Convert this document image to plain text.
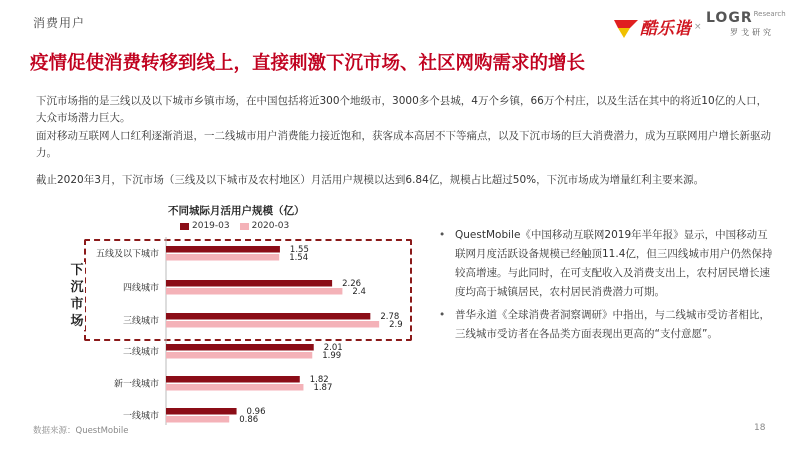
消费用户	酷乐谐 ×
$LOGR^{Research}$
罗戈研究
疫情促使消费转移到线上，直接刺激下沉市场、社区网购需求的增长
下沉市场指的是三线以及以下城市乡镇市场，在中国包括将近300个地级市，3000多个县城，4万个乡镇，66万个村庄，以及生活在其中的将近10亿的人口，大众市场潜力巨大。
面对移动互联网人口红利逐渐消退，一二线城市用户消费能力接近饱和，获客成本高居不下等痛点，以及下沉市场的巨大消费潜力，成为互联网用户增长新驱动力。
截止2020年3月，下沉市场（三线及以下城市及农村地区）月活用户规模以达到6.84亿，规模占比超过50%，下沉市场成为增量红利主要来源。
不同城际月活用户规模（亿）
2019-03 2020-03
下沉市场
五线及以下城市	1.55
1.54
四线城市	2.26
2.4
三线城市	2.78
2.9
二线城市	2.01
1.99
新一线城市	1.82
1.87
一线城市	0.96
0.86
• QuestMobile《中国移动互联网2019年半年报》显示，中国移动互联网月度活跃设备规模已经触顶11.4亿，但三四线城市用户仍然保持较高增速。与此同时，在可支配收入及消费支出上，农村居民增长速度均高于城镇居民，农村居民消费潜力可期。
• 普华永道《全球消费者洞察调研》中指出，与二线城市受访者相比，三线城市受访者在各品类方面表现出更高的“支付意愿”。
数据来源：QuestMobile	18
